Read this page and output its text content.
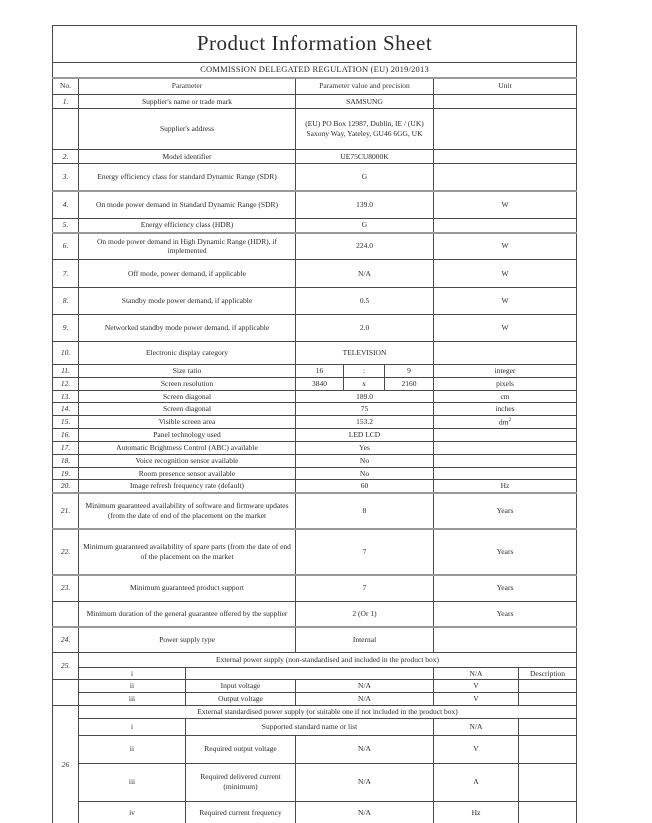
Product Information Sheet							
COMMISSION DELEGATED REGULATION (EU) 2019/2013							
No.	Parameter		Parameter value and precision			Unit	
1.	Supplier's name or trade mark		SAMSUNG				
	Supplier's address		(EU) PO Box 12987, Dublin, IE / (UK) Saxony Way, Yateley, GU46 6GG, UK				
2.	Model identifier		UE75CU8000K				
3.	Energy efficiency class for standard Dynamic Range (SDR)		G				
4.	On mode power demand in Standard Dynamic Range (SDR)		139.0			W	
5.	Energy efficiency class (HDR)		G				
6.	On mode power demand in High Dynamic Range (HDR), if implemented		224.0			W	
7.	Off mode, power demand, if applicable		N/A			W	
8.	Standby mode power demand, if applicable		0.5			W	
9.	Networked standby mode power demand, if applicable		2.0			W	
10.	Electronic display category		TELEVISION				
11.	Size ratio		16	:	9	integer	
12.	Screen resolution		3840	x	2160	pixels	
13.	Screen diagonal		189.0			cm	
14.	Screen diagonal		75			inches	
15.	Visible screen area		153.2			$dm^2$
16.	Panel technology used		LED LCD				
17.	Automatic Brightness Control (ABC) available		Yes				
18.	Voice recognition sensor available		No				
19.	Room presence sensor available		No				
20.	Image refresh frequency rate (default)		60			Hz	
21.	Minimum guaranteed availability of software and firmware updates (from the date of end of the placement on the market		8			Years	
22.	Minimum guaranteed availability of spare parts (from the date of end of the placement on the market		7			Years	
23.	Minimum guaranteed product support		7			Years	
	Minimum duration of the general guarantee offered by the supplier		2 (Or 1)			Years	
24.	Power supply type		Internal				
25.	External power supply (non-standardised and included in the product box)						
	i					N/A	Description
	ii	Input voltage	N/A			V	
	iii	Output voltage	N/A			V	
26	External standardised power supply (or suitable one if not included in the product box)						
	i	Supported standard name or list				N/A	
	ii	Required output voltage	N/A			V	
	iii	Required delivered current (minimum)	N/A			A	
	iv	Required current frequency	N/A			Hz	
